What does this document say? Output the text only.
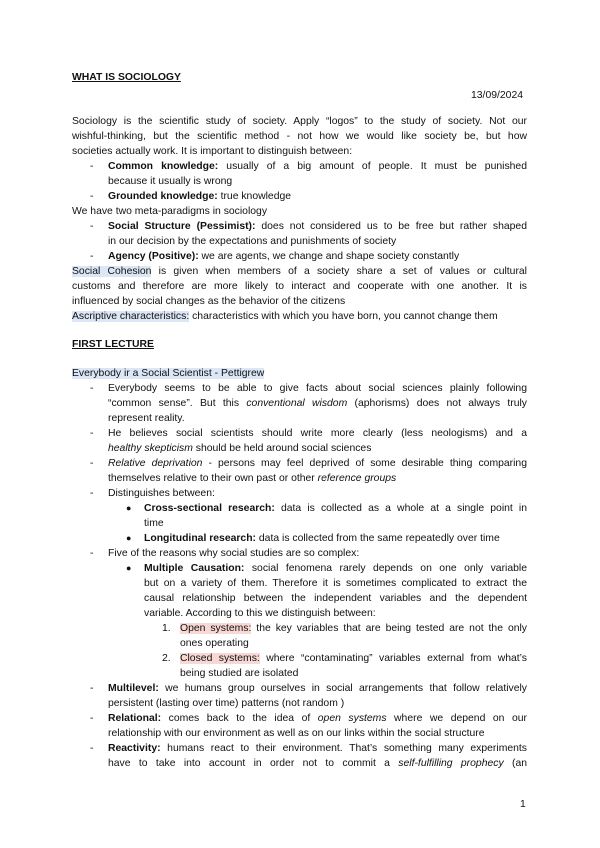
WHAT IS SOCIOLOGY
13/09/2024
Sociology is the scientific study of society. Apply “logos” to the study of society. Not our
wishful-thinking, but the scientific method - not how we would like society be, but how
societies actually work. It is important to distinguish between:
- Common knowledge: usually of a big amount of people. It must be punished
because it usually is wrong
- Grounded knowledge: true knowledge
We have two meta-paradigms in sociology
- Social Structure (Pessimist): does not considered us to be free but rather shaped
in our decision by the expectations and punishments of society
- Agency (Positive): we are agents, we change and shape society constantly
Social Cohesion is given when members of a society share a set of values or cultural
customs and therefore are more likely to interact and cooperate with one another. It is
influenced by social changes as the behavior of the citizens
Ascriptive characteristics: characteristics with which you have born, you cannot change them
FIRST LECTURE
Everybody ir a Social Scientist - Pettigrew
- Everybody seems to be able to give facts about social sciences plainly following
“common sense”. But this conventional wisdom (aphorisms) does not always truly
represent reality.
- He believes social scientists should write more clearly (less neologisms) and a
healthy skepticism should be held around social sciences
- Relative deprivation - persons may feel deprived of some desirable thing comparing
themselves relative to their own past or other reference groups
- Distinguishes between:
● Cross-sectional research: data is collected as a whole at a single point in
time
● Longitudinal research: data is collected from the same repeatedly over time
- Five of the reasons why social studies are so complex:
● Multiple Causation: social fenomena rarely depends on one only variable
but on a variety of them. Therefore it is sometimes complicated to extract the
causal relationship between the independent variables and the dependent
variable. According to this we distinguish between:
1. Open systems: the key variables that are being tested are not the only
ones operating
2. Closed systems: where “contaminating” variables external from what’s
being studied are isolated
- Multilevel: we humans group ourselves in social arrangements that follow relatively
persistent (lasting over time) patterns (not random )
- Relational: comes back to the idea of open systems where we depend on our
relationship with our environment as well as on our links within the social structure
- Reactivity: humans react to their environment. That’s something many experiments
have to take into account in order not to commit a self-fulfilling prophecy (an
1
